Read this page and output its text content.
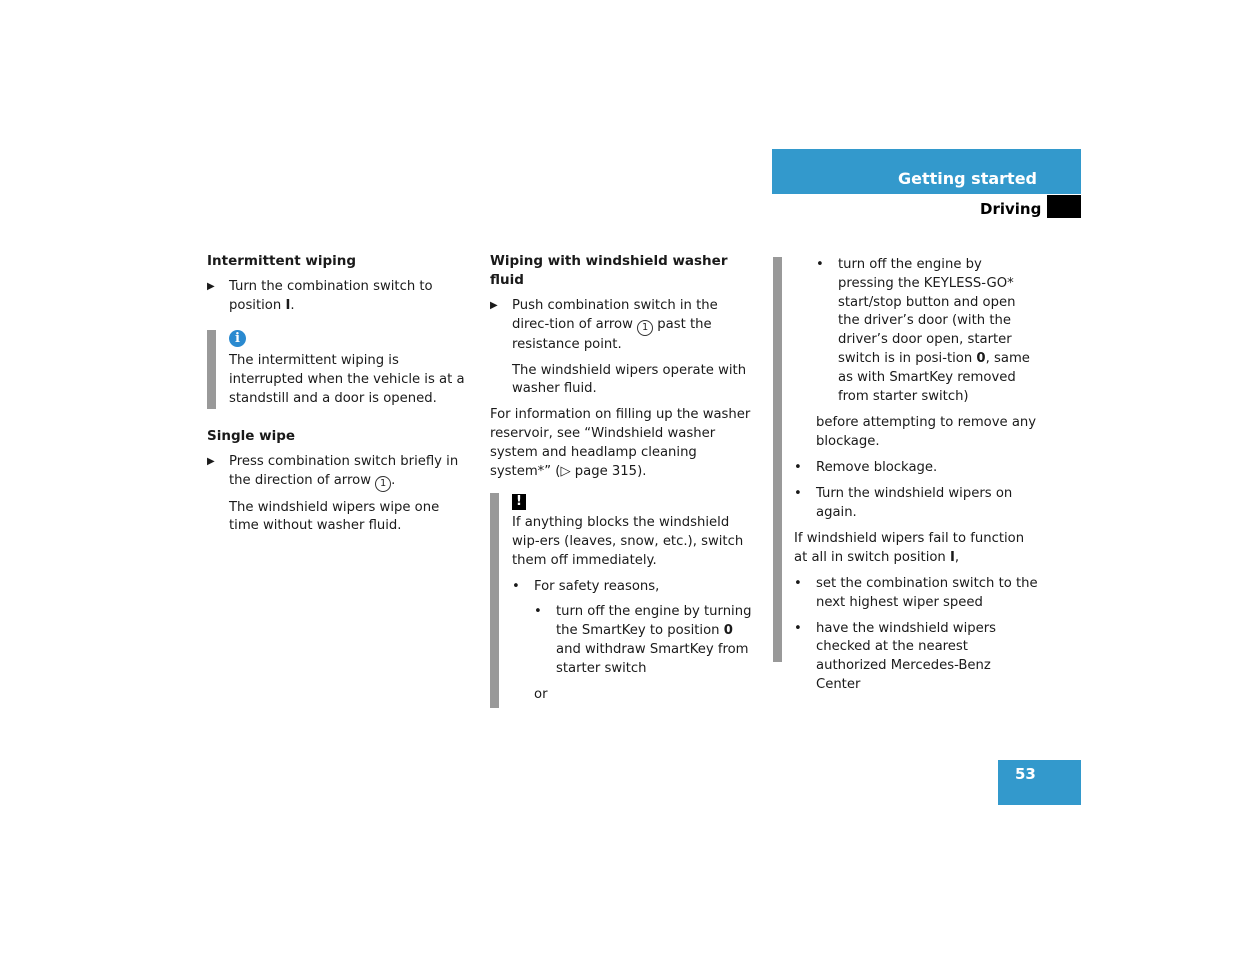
Getting started
Driving
Intermittent wiping
▶ Turn the combination switch to position I.
i
The intermittent wiping is interrupted when the vehicle is at a standstill and a door is opened.
Single wipe
▶ Press combination switch briefly in the direction of arrow 1 .

The windshield wipers wipe one time without washer fluid.

Wiping with windshield washer fluid
▶ Push combination switch in the direc-tion of arrow 1 past the resistance point.

The windshield wipers operate with washer fluid.

For information on filling up the washer reservoir, see “Windshield washer system and headlamp cleaning system*” (▷ page 315).

!

If anything blocks the windshield wip-ers (leaves, snow, etc.), switch them off immediately.

• For safety reasons,
• turn off the engine by turning the SmartKey to position 0 and withdraw SmartKey from starter switch

or

• turn off the engine by pressing the KEYLESS-GO* start/stop button and open the driver’s door (with the driver’s door open, starter switch is in posi-tion 0, same as with SmartKey removed from starter switch)

before attempting to remove any blockage.

• Remove blockage.
• Turn the windshield wipers on again.

If windshield wipers fail to function at all in switch position I,

• set the combination switch to the next highest wiper speed
• have the windshield wipers checked at the nearest authorized Mercedes-Benz Center
53
